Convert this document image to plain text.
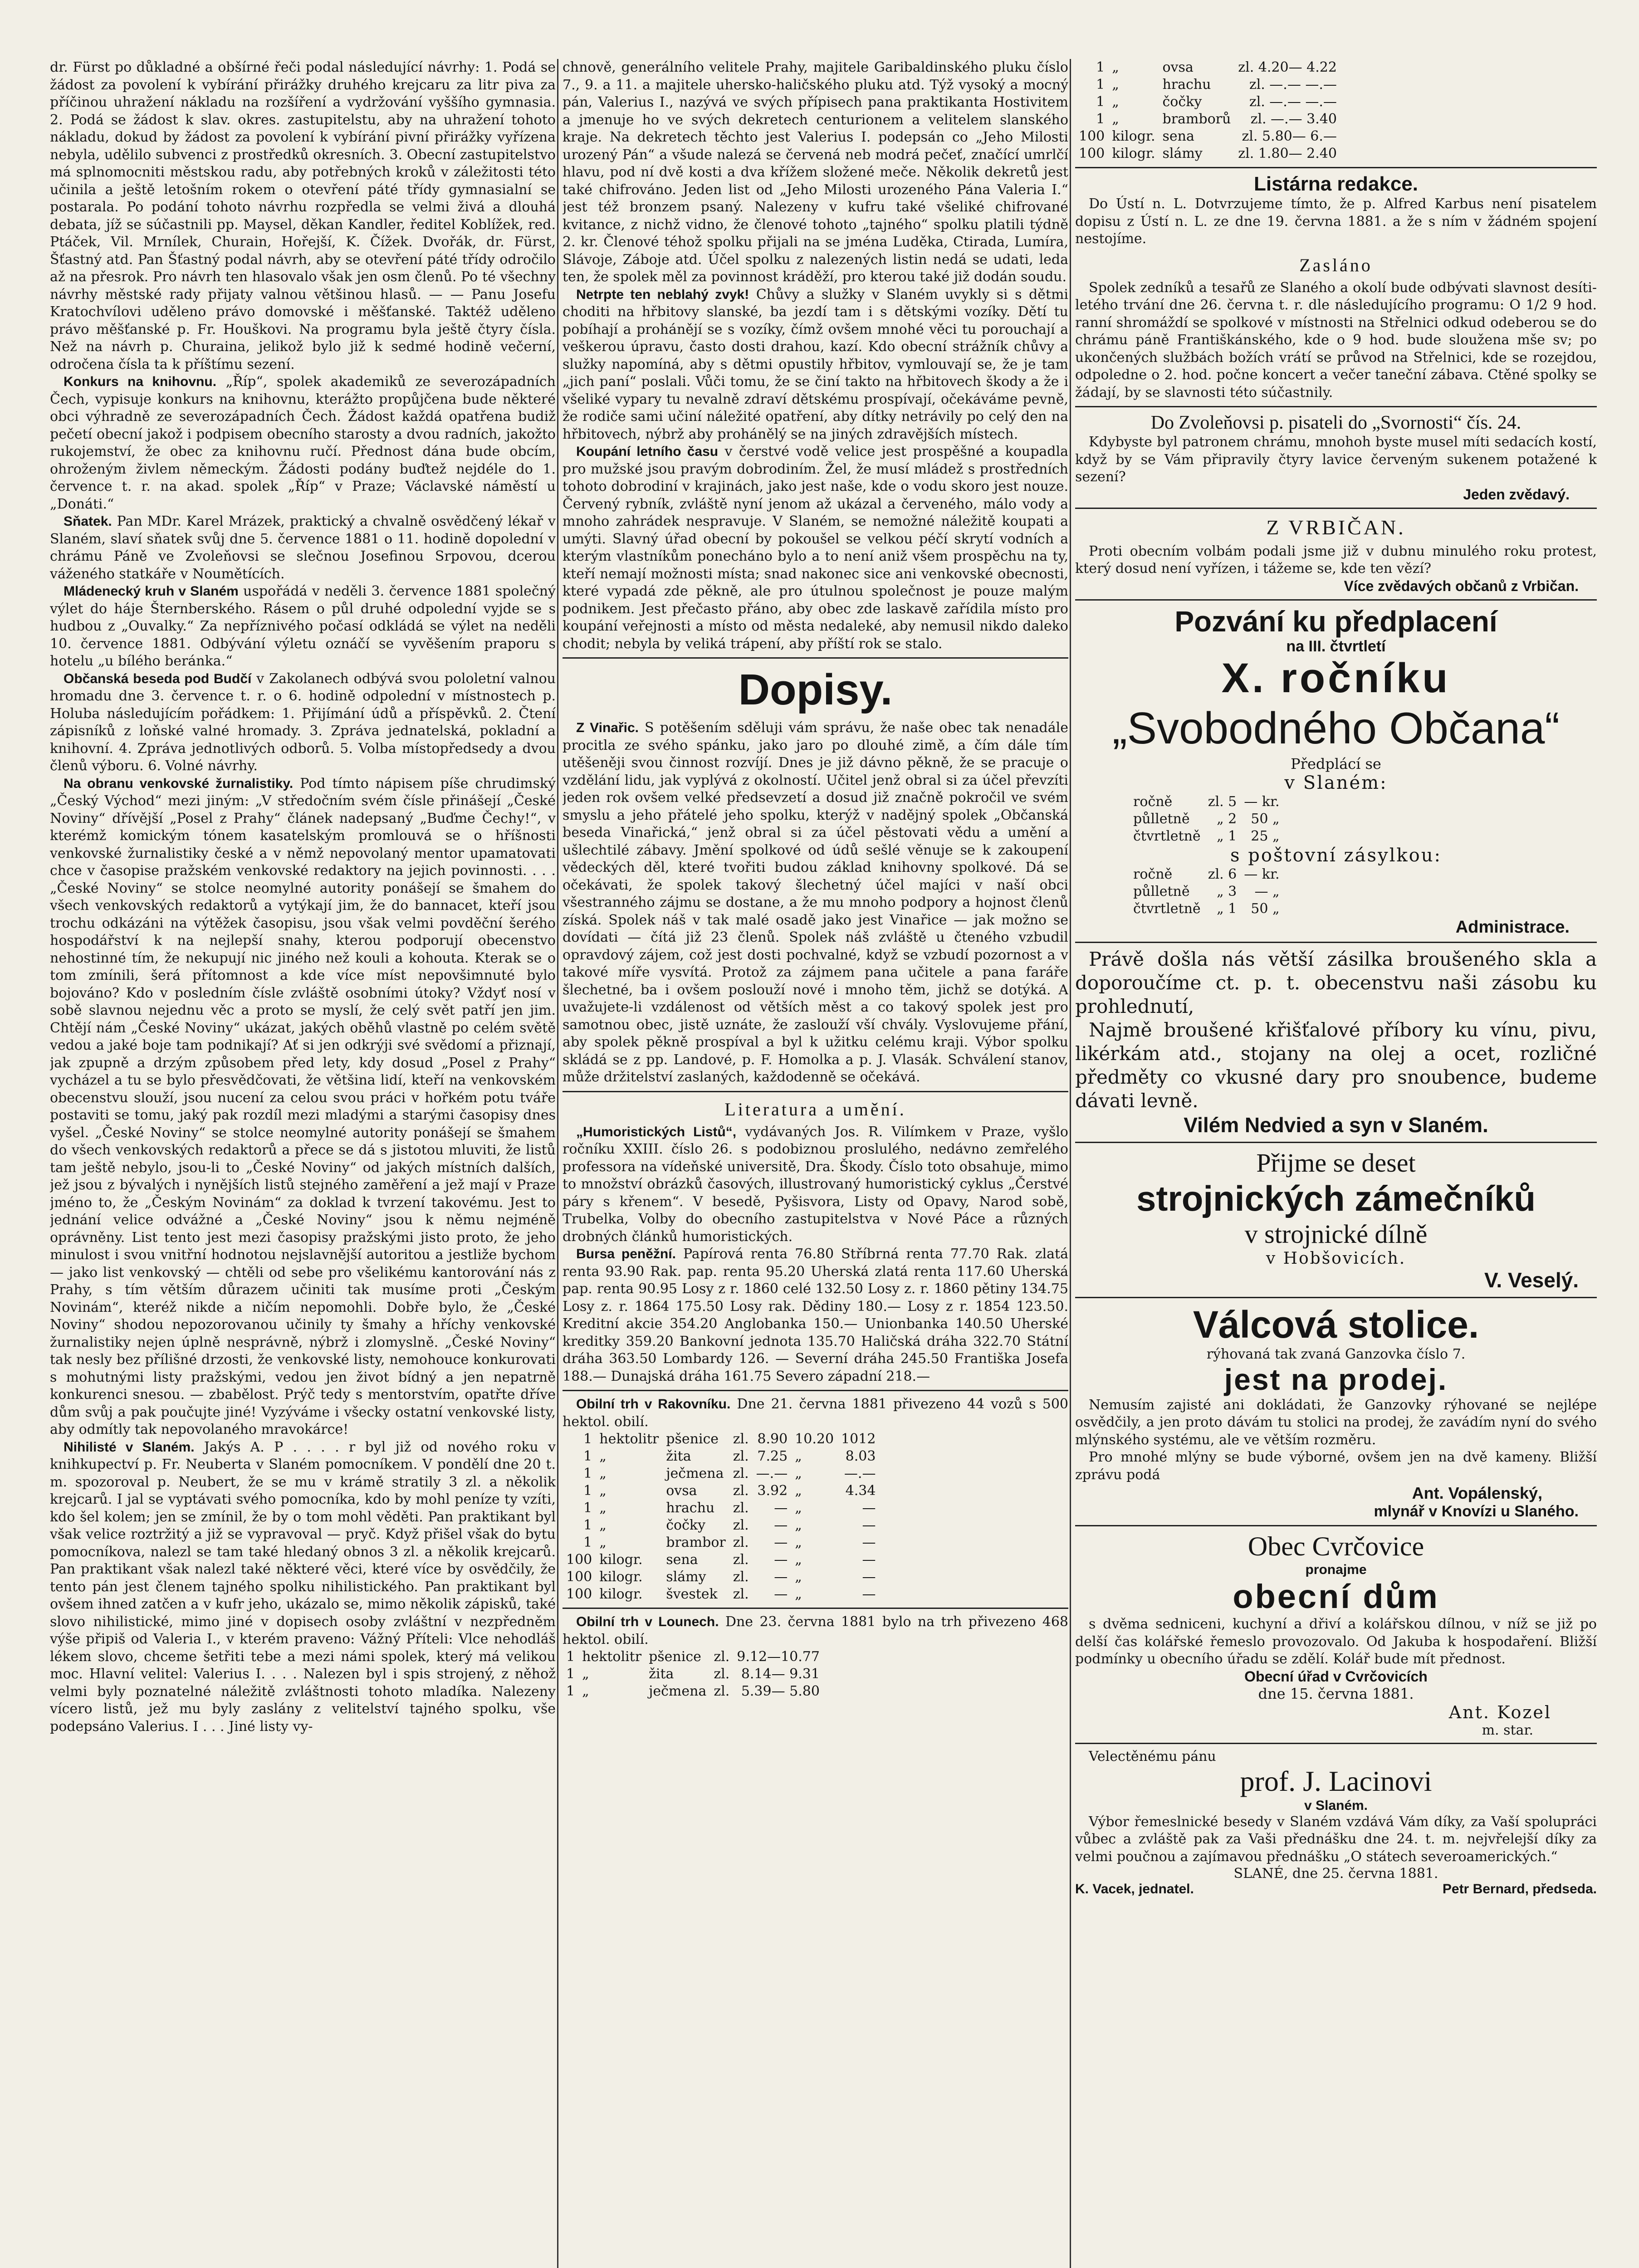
dr. Fürst po důkladné a obšírné řeči podal následující návrhy: 1. Podá se žádost za povolení k vybírání přirážky druhého krejcaru za litr piva za příčinou uhražení nákladu na rozšíření a vydržování vyššího gymnasia. 2. Podá se žádost k slav. okres. zastupitelstu, aby na uhražení tohoto nákladu, dokud by žádost za povolení k vybírání pivní přirážky vyřízena nebyla, udělilo subvenci z prostředků okresních. 3. Obecní zastupitelstvo má splnomocniti městskou radu, aby potřebných kroků v záležitosti této učinila a ještě letošním rokem o otevření páté třídy gymnasialní se postarala. Po podání tohoto návrhu rozpředla se velmi živá a dlouhá debata, jíž se súčastnili pp. Maysel, děkan Kandler, ředitel Koblížek, red. Ptáček, Vil. Mrnílek, Churain, Hořejší, K. Čížek. Dvořák, dr. Fürst, Šťastný atd. Pan Šťastný podal návrh, aby se otevření páté třídy odročilo až na přesrok. Pro návrh ten hlasovalo však jen osm členů. Po té všechny návrhy městské rady přijaty valnou většinou hlasů. — — Panu Josefu Kratochvílovi uděleno právo domovské i měšťanské. Taktéž uděleno právo měšťanské p. Fr. Houškovi. Na programu byla ještě čtyry čísla. Než na návrh p. Churaina, jelikož bylo již k sedmé hodině večerní, odročena čísla ta k příštímu sezení.

Konkurs na knihovnu. „Říp“, spolek akademiků ze severozápadních Čech, vypisuje konkurs na knihovnu, kterážto propůjčena bude některé obci výhradně ze severozápadních Čech. Žádost každá opatřena budiž pečetí obecní jakož i podpisem obecního starosty a dvou radních, jakožto rukojemství, že obec za knihovnu ručí. Přednost dána bude obcím, ohroženým živlem německým. Žádosti podány buďtež nejdéle do 1. července t. r. na akad. spolek „Říp“ v Praze; Václavské náměstí u „Donáti.“

Sňatek. Pan MDr. Karel Mrázek, praktický a chvalně osvědčený lékař v Slaném, slaví sňatek svůj dne 5. července 1881 o 11. hodině dopolední v chrámu Páně ve Zvoleňovsi se slečnou Josefinou Srpovou, dcerou váženého statkáře v Noumětících.

Mládenecký kruh v Slaném uspořádá v neděli 3. července 1881 společný výlet do háje Šternberského. Rásem o půl druhé odpolední vyjde se s hudbou z „Ouvalky.“ Za nepříznivého počasí odkládá se výlet na neděli 10. července 1881. Odbývání výletu oznáčí se vyvěšením praporu s hotelu „u bílého beránka.“

Občanská beseda pod Budčí v Zakolanech odbývá svou pololetní valnou hromadu dne 3. července t. r. o 6. hodině odpolední v místnostech p. Holuba následujícím pořádkem: 1. Přijímání údů a příspěvků. 2. Čtení zápisníků z loňské valné hromady. 3. Zpráva jednatelská, pokladní a knihovní. 4. Zpráva jednotlivých odborů. 5. Volba místopředsedy a dvou členů výboru. 6. Volné návrhy.

Na obranu venkovské žurnalistiky. Pod tímto nápisem píše chrudimský „Český Východ“ mezi jiným: „V středočním svém čísle přinášejí „České Noviny“ dřívější „Posel z Prahy“ článek nadepsaný „Buďme Čechy!“, v kterémž komickým tónem kasatelským promlouvá se o hříšnosti venkovské žurnalistiky české a v němž nepovolaný mentor upamatovati chce v časopise pražském venkovské redaktory na jejich povinnosti. . . . „České Noviny“ se stolce neomylné autority ponášejí se šmahem do všech venkovských redaktorů a vytýkají jim, že do bannacet, kteří jsou trochu odkázáni na výtěžek časopisu, jsou však velmi povděční šerého hospodářství k na nejlepší snahy, kterou podporují obecenstvo nehostinné tím, že nekupují nic jiného než kouli a kohouta. Kterak se o tom zmínili, šerá přítomnost a kde více míst nepovšimnuté bylo bojováno? Kdo v posledním čísle zvláště osobními útoky? Vždyť nosí v sobě slavnou nejednu věc a proto se myslí, že celý svět patří jen jim. Chtějí nám „České Noviny“ ukázat, jakých oběhů vlastně po celém světě vedou a jaké boje tam podnikají? Ať si jen odkrýji své svědomí a přiznají, jak zpupně a drzým způsobem před lety, kdy dosud „Posel z Prahy“ vycházel a tu se bylo přesvědčovati, že většina lidí, kteří na venkovském obecenstvu slouží, jsou nucení za celou svou práci v hořkém potu tváře postaviti se tomu, jaký pak rozdíl mezi mladými a starými časopisy dnes vyšel. „České Noviny“ se stolce neomylné autority ponášejí se šmahem do všech venkovských redaktorů a přece se dá s jistotou mluviti, že listů tam ještě nebylo, jsou-li to „České Noviny“ od jakých místních dalších, jež jsou z bývalých i nynějších listů stejného zaměření a jež mají v Praze jméno to, že „Českým Novinám“ za doklad k tvrzení takovému. Jest to jednání velice odvážné a „České Noviny“ jsou k němu nejméně oprávněny. List tento jest mezi časopisy pražskými jisto proto, že jeho minulost i svou vnitřní hodnotou nejslavnější autoritou a jestliže bychom — jako list venkovský — chtěli od sebe pro všelikému kantorování nás z Prahy, s tím větším důrazem učiniti tak musíme proti „Českým Novinám“, kteréž nikde a ničím nepomohli. Dobře bylo, že „České Noviny“ shodou nepozorovanou učinily ty šmahy a hříchy venkovské žurnalistiky nejen úplně nesprávně, nýbrž i zlomyslně. „České Noviny“ tak nesly bez přílišné drzosti, že venkovské listy, nemohouce konkurovati s mohutnými listy pražskými, vedou jen život bídný a jen nepatrně konkurenci snesou. — zbabělost. Prýč tedy s mentorstvím, opatřte dříve dům svůj a pak poučujte jiné! Vyzýváme i všecky ostatní venkovské listy, aby odmítly tak nepovolaného mravokárce!

Nihilisté v Slaném. Jakýs A. P . . . . r byl již od nového roku v knihkupectví p. Fr. Neuberta v Slaném pomocníkem. V pondělí dne 20 t. m. spozoroval p. Neubert, že se mu v krámě stratily 3 zl. a několik krejcarů. I jal se vyptávati svého pomocníka, kdo by mohl peníze ty vzíti, kdo šel kolem; jen se zmínil, že by o tom mohl věděti. Pan praktikant byl však velice roztržitý a již se vypravoval — pryč. Když přišel však do bytu pomocníkova, nalezl se tam také hledaný obnos 3 zl. a několik krejcarů. Pan praktikant však nalezl také některé věci, které více by osvědčily, že tento pán jest členem tajného spolku nihilistického. Pan praktikant byl ovšem ihned zatčen a v kufr jeho, ukázalo se, mimo několik zápisků, také slovo nihilistické, mimo jiné v dopisech osoby zvláštní v nezpředněm výše připiš od Valeria I., v kterém praveno: Vážný Příteli: Vlce nehodláš lékem slovo, chceme šetřiti tebe a mezi námi spolek, který má velikou moc. Hlavní velitel: Valerius I. . . . Nalezen byl i spis strojený, z něhož velmi byly poznatelné náležitě zvláštnosti tohoto mladíka. Nalezeny vícero listů, jež mu byly zaslány z velitelství tajného spolku, vše podepsáno Valerius. I . . . Jiné listy vy-

chnově, generálního velitele Prahy, majitele Garibaldinského pluku číslo 7., 9. a 11. a majitele uhersko-haličského pluku atd. Týž vysoký a mocný pán, Valerius I., nazývá ve svých přípisech pana praktikanta Hostivitem a jmenuje ho ve svých dekretech centurionem a velitelem slanského kraje. Na dekretech těchto jest Valerius I. podepsán co „Jeho Milosti urozený Pán“ a všude nalezá se červená neb modrá pečeť, značící umrlčí hlavu, pod ní dvě kosti a dva křížem složené meče. Několik dekretů jest také chifrováno. Jeden list od „Jeho Milosti urozeného Pána Valeria I.“ jest též bronzem psaný. Nalezeny v kufru také všeliké chifrované kvitance, z nichž vidno, že členové tohoto „tajného“ spolku platili týdně 2. kr. Členové téhož spolku přijali na se jména Luděka, Ctirada, Lumíra, Slávoje, Záboje atd. Účel spolku z nalezených listin nedá se udati, leda ten, že spolek měl za povinnost kráděží, pro kterou také již dodán soudu.

Netrpte ten neblahý zvyk! Chůvy a služky v Slaném uvykly si s dětmi choditi na hřbitovy slanské, ba jezdí tam i s dětskými vozíky. Dětí tu pobíhají a prohánějí se s vozíky, čímž ovšem mnohé věci tu porouchají a veškerou úpravu, často dosti drahou, kazí. Kdo obecní strážník chůvy a služky napomíná, aby s dětmi opustily hřbitov, vymlouvají se, že je tam „jich paní“ poslali. Vůči tomu, že se činí takto na hřbitovech škody a že i všeliké vypary tu nevalně zdraví dětskému prospívají, očekáváme pevně, že rodiče sami učiní náležité opatření, aby dítky netrávily po celý den na hřbitovech, nýbrž aby prohánělý se na jiných zdravějších místech.

Koupání letního času v čerstvé vodě velice jest prospěšné a koupadla pro mužské jsou pravým dobrodiním. Žel, že musí mládež s prostředních tohoto dobrodiní v krajinách, jako jest naše, kde o vodu skoro jest nouze. Červený rybník, zvláště nyní jenom až ukázal a červeného, málo vody a mnoho zahrádek nespravuje. V Slaném, se nemožné náležitě koupati a umýti. Slavný úřad obecní by pokoušel se velkou péčí skrytí vodních a kterým vlastníkům ponecháno bylo a to není aniž všem prospěchu na ty, kteří nemají možnosti místa; snad nakonec sice ani venkovské obecnosti, které vypadá zde pěkně, ale pro útulnou společnost je pouze malým podnikem. Jest přečasto přáno, aby obec zde laskavě zařídila místo pro koupání veřejnosti a místo od města nedaleké, aby nemusil nikdo daleko chodit; nebyla by veliká trápení, aby příští rok se stalo.

Dopisy.

Z Vinařic. S potěšením sděluji vám správu, že naše obec tak nenadále procitla ze svého spánku, jako jaro po dlouhé zimě, a čím dále tím utěšeněji svou činnost rozvíjí. Dnes je již dávno pěkně, že se pracuje o vzdělání lidu, jak vyplývá z okolností. Učitel jenž obral si za účel převzíti jeden rok ovšem velké předsevzetí a dosud již značně pokročil ve svém smyslu a jeho přátelé jeho spolku, kterýž v nadějný spolek „Občanská beseda Vinařická,“ jenž obral si za účel pěstovati vědu a umění a ušlechtilé zábavy. Jmění spolkové od údů sešlé věnuje se k zakoupení vědeckých děl, které tvořiti budou základ knihovny spolkové. Dá se očekávati, že spolek takový šlechetný účel majíci v naší obci všestranného zájmu se dostane, a že mu mnoho podpory a hojnost členů získá. Spolek náš v tak malé osadě jako jest Vinařice — jak možno se dovídati — čítá již 23 členů. Spolek náš zvláště u čteného vzbudil opravdový zájem, což jest dosti pochvalné, když se vzbudí pozornost a v takové míře vysvítá. Protož za zájmem pana učitele a pana faráře šlechetné, ba i ovšem poslouží nové i mnoho těm, jichž se dotýká. A uvažujete-li vzdálenost od větších měst a co takový spolek jest pro samotnou obec, jistě uznáte, že zaslouží vší chvály. Vyslovujeme přání, aby spolek pěkně prospíval a byl k užitku celému kraji. Výbor spolku skládá se z pp. Landové, p. F. Homolka a p. J. Vlasák. Schválení stanov, může držitelství zaslaných, každodenně se očekává.

Literatura a umění.

„Humoristických Listů“, vydávaných Jos. R. Vilímkem v Praze, vyšlo ročníku XXIII. číslo 26. s podobiznou proslulého, nedávno zemřelého professora na vídeňské universitě, Dra. Škody. Číslo toto obsahuje, mimo to množství obrázků časových, illustrovaný humoristický cyklus „Čerstvé páry s křenem“. V besedě, Pyšisvora, Listy od Opavy, Narod sobě, Trubelka, Volby do obecního zastupitelstva v Nové Páce a různých drobných článků humoristických.

Bursa peněžní. Papírová renta 76.80 Stříbrná renta 77.70 Rak. zlatá renta 93.90 Rak. pap. renta 95.20 Uherská zlatá renta 117.60 Uherská pap. renta 90.95 Losy z r. 1860 celé 132.50 Losy z. r. 1860 pětiny 134.75 Losy z. r. 1864 175.50 Losy rak. Dědiny 180.— Losy z r. 1854 123.50. Kreditní akcie 354.20 Anglobanka 150.— Unionbanka 140.50 Uherské kreditky 359.20 Bankovní jednota 135.70 Haličská dráha 322.70 Státní dráha 363.50 Lombardy 126. — Severní dráha 245.50 Františka Josefa 188.— Dunajská dráha 161.75 Severo západní 218.—

Obilní trh v Rakovníku. Dne 21. června 1881 přivezeno 44 vozů s 500 hektol. obilí.

1	hektolitr	pšenice	zl.	8.90	10.20	1012
1	„	žita	zl.	7.25	„	8.03
1	„	ječmena	zl.	—.—	„	—.—
1	„	ovsa	zl.	3.92	„	4.34
1	„	hrachu	zl.	—	„	—
1	„	čočky	zl.	—	„	—
1	„	brambor	zl.	—	„	—
100	kilogr.	sena	zl.	—	„	—
100	kilogr.	slámy	zl.	—	„	—
100	kilogr.	švestek	zl.	—	„	—

Obilní trh v Lounech. Dne 23. června 1881 bylo na trh přivezeno 468 hektol. obilí.

1	hektolitr	pšenice	zl.	9.12—10.77
1	„	žita	zl.	8.14— 9.31
1	„	ječmena	zl.	5.39— 5.80
1	„	ovsa	zl. 4.20— 4.22
1	„	hrachu	zl. —.— —.—
1	„	čočky	zl. —.— —.—
1	„	bramborů	zl. —.— 3.40
100	kilogr.	sena	zl. 5.80— 6.—
100	kilogr.	slámy	zl. 1.80— 2.40
Listárna redakce.

Do Ústí n. L. Dotvrzujeme tímto, že p. Alfred Karbus není pisatelem dopisu z Ústí n. L. ze dne 19. června 1881. a že s ním v žádném spojení nestojíme.

Zasláno

Spolek zedníků a tesařů ze Slaného a okolí bude odbývati slavnost desíti-letého trvání dne 26. června t. r. dle následujícího programu: O 1/2 9 hod. ranní shromáždí se spolkové v místnosti na Střelnici odkud odeberou se do chrámu páně Františkánského, kde o 9 hod. bude sloužena mše sv; po ukončených službách božích vrátí se průvod na Střelnici, kde se rozejdou, odpoledne o 2. hod. počne koncert a večer taneční zábava. Ctěné spolky se žádají, by se slavnosti této súčastnily.

Do Zvoleňovsi p. pisateli do „Svornosti“ čís. 24.

Kdybyste byl patronem chrámu, mnohoh byste musel míti sedacích kostí, když by se Vám připravily čtyry lavice červeným sukenem potažené k sezení?

Jeden zvědavý.
Z VRBIČAN.

Proti obecním volbám podali jsme již v dubnu minulého roku protest, který dosud není vyřízen, i tážeme se, kde ten vězí?

Více zvědavých občanů z Vrbičan.
Pozvání ku předplacení
na III. čtvrtletí
X. ročníku
„Svobodného Občana“
Předplácí se
v Slaném:
ročně	zl. 5	— kr.
půlletně	„ 2	50 „
čtvrtletně	„ 1	25 „
s poštovní zásylkou:
ročně	zl. 6	— kr.
půlletně	„ 3	— „
čtvrtletně	„ 1	50 „
Administrace.

Právě došla nás větší zásilka broušeného skla a doporoučíme ct. p. t. obecenstvu naši zásobu ku prohlednutí,

Najmě broušené křišťalové příbory ku vínu, pivu, likérkám atd., stojany na olej a ocet, rozličné předměty co vkusné dary pro snoubence, budeme dávati levně.

Vilém Nedvied a syn v Slaném.
Přijme se deset
strojnických zámečníků
v strojnické dílně
v Hobšovicích.
V. Veselý.
Válcová stolice.
rýhovaná tak zvaná Ganzovka číslo 7.
jest na prodej.

Nemusím zajisté ani dokládati, že Ganzovky rýhované se nejlépe osvědčily, a jen proto dávám tu stolici na prodej, že zavádím nyní do svého mlýnského systému, ale ve větším rozměru.

Pro mnohé mlýny se bude výborné, ovšem jen na dvě kameny. Bližší zprávu podá

Ant. Vopálenský,
mlynář v Knovízi u Slaného.
Obec Cvrčovice
pronajme
obecní dům

s dvěma sedniceni, kuchyní a dřiví a kolářskou dílnou, v níž se již po delší čas kolářské řemeslo provozovalo. Od Jakuba k hospodaření. Bližší podmínky u obecního úřadu se zdělí. Kolář bude mít přednost.

Obecní úřad v Cvrčovicích
dne 15. června 1881.
Ant. Kozel
m. star.
Velectěnému pánu
prof. J. Lacinovi
v Slaném.

Výbor řemeslnické besedy v Slaném vzdává Vám díky, za Vaší spolupráci vůbec a zvláště pak za Vaši přednášku dne 24. t. m. nejvřelejší díky za velmi poučnou a zajímavou přednášku „O státech severoamerických.“

SLANÉ, dne 25. června 1881.
K. Vacek, jednatel.	Petr Bernard, předseda.
